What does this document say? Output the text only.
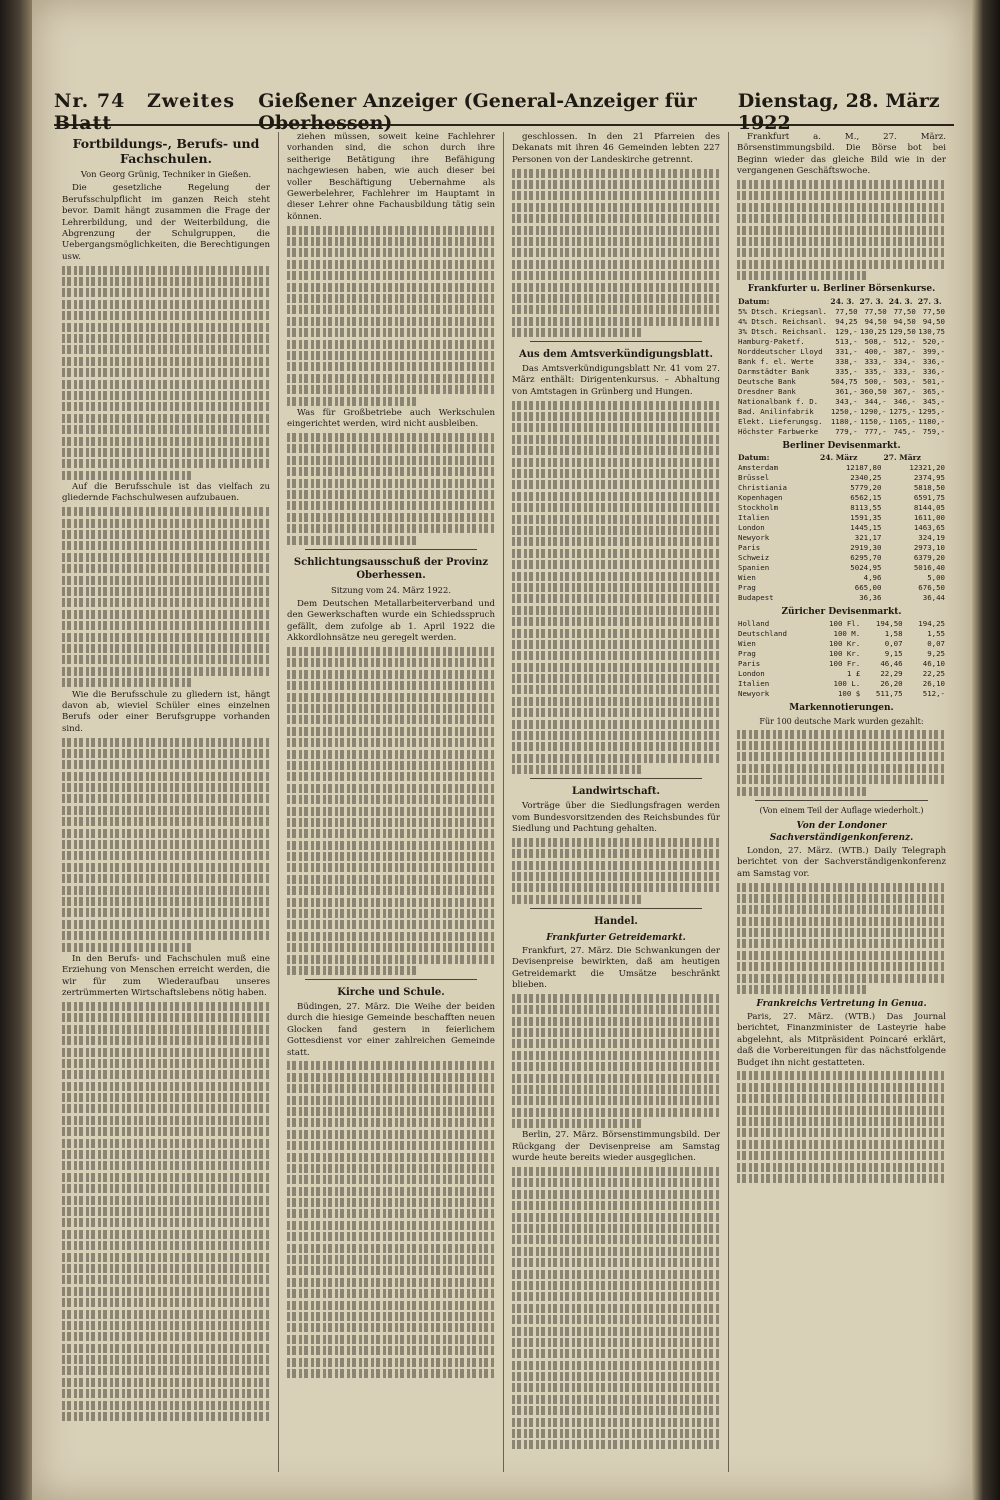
Nr. 74 Zweites Blatt
Gießener Anzeiger (General-Anzeiger für Oberhessen)
Dienstag, 28. März 1922
Fortbildungs-, Berufs- und Fachschulen.

Von Georg Grünig, Techniker in Gießen.

Die gesetzliche Regelung der Berufsschulpflicht im ganzen Reich steht bevor. Damit hängt zusammen die Frage der Lehrerbildung, und der Weiterbildung, die Abgrenzung der Schulgruppen, die Uebergangsmöglichkeiten, die Berechtigungen usw.

Auf die Berufsschule ist das vielfach zu gliedernde Fachschulwesen aufzubauen.

Wie die Berufsschule zu gliedern ist, hängt davon ab, wieviel Schüler eines einzelnen Berufs oder einer Berufsgruppe vorhanden sind.

In den Berufs- und Fachschulen muß eine Erziehung von Menschen erreicht werden, die wir für zum Wiederaufbau unseres zertrümmerten Wirtschaftslebens nötig haben.

ziehen müssen, soweit keine Fachlehrer vorhanden sind, die schon durch ihre seitherige Betätigung ihre Befähigung nachgewiesen haben, wie auch dieser bei voller Beschäftigung Uebernahme als Gewerbelehrer, Fachlehrer im Hauptamt in dieser Lehrer ohne Fachausbildung tätig sein können.

Was für Großbetriebe auch Werkschulen eingerichtet werden, wird nicht ausbleiben.

Schlichtungsausschuß der Provinz Oberhessen.

Sitzung vom 24. März 1922.

Dem Deutschen Metallarbeiterverband und den Gewerkschaften wurde ein Schiedsspruch gefällt, dem zufolge ab 1. April 1922 die Akkordlohnsätze neu geregelt werden.

Kirche und Schule.

Büdingen, 27. März. Die Weihe der beiden durch die hiesige Gemeinde beschafften neuen Glocken fand gestern in feierlichem Gottesdienst vor einer zahlreichen Gemeinde statt.

geschlossen. In den 21 Pfarreien des Dekanats mit ihren 46 Gemeinden lebten 227 Personen von der Landeskirche getrennt.

Aus dem Amtsverkündigungsblatt.

Das Amtsverkündigungsblatt Nr. 41 vom 27. März enthält: Dirigentenkursus. – Abhaltung von Amtstagen in Grünberg und Hungen.

Landwirtschaft.

Vorträge über die Siedlungsfragen werden vom Bundesvorsitzenden des Reichsbundes für Siedlung und Pachtung gehalten.

Handel.
Frankfurter Getreidemarkt.

Frankfurt, 27. März. Die Schwankungen der Devisenpreise bewirkten, daß am heutigen Getreidemarkt die Umsätze beschränkt blieben.

Berlin, 27. März. Börsenstimmungsbild. Der Rückgang der Devisenpreise am Samstag wurde heute bereits wieder ausgeglichen.

Frankfurt a. M., 27. März. Börsenstimmungsbild. Die Börse bot bei Beginn wieder das gleiche Bild wie in der vergangenen Geschäftswoche.

Frankfurter u. Berliner Börsenkurse.
Datum:	24. 3.	27. 3.	24. 3.	27. 3.
5% Dtsch. Kriegsanl.	77,50	77,50	77,50	77,50
4% Dtsch. Reichsanl.	94,25	94,50	94,50	94,50
3% Dtsch. Reichsanl.	129,-	130,25	129,50	130,75
Hamburg-Paketf.	513,-	508,-	512,-	520,-
Norddeutscher Lloyd	331,-	400,-	387,-	399,-
Bank f. el. Werte	338,-	333,-	334,-	336,-
Darmstädter Bank	335,-	335,-	333,-	336,-
Deutsche Bank	504,75	500,-	503,-	501,-
Dresdner Bank	361,-	360,50	367,-	365,-
Nationalbank f. D.	343,-	344,-	346,-	345,-
Bad. Anilinfabrik	1250,-	1290,-	1275,-	1295,-
Elekt. Lieferungsg.	1180,-	1150,-	1165,-	1180,-
Höchster Farbwerke	779,-	777,-	745,-	759,-
Berliner Devisenmarkt.
Datum:	24. März	27. März
Amsterdam	12187,80	12321,20
Brüssel	2340,25	2374,95
Christiania	5779,20	5818,50
Kopenhagen	6562,15	6591,75
Stockholm	8113,55	8144,05
Italien	1591,35	1611,00
London	1445,15	1463,65
Newyork	321,17	324,19
Paris	2919,30	2973,10
Schweiz	6295,70	6379,20
Spanien	5024,95	5016,40
Wien	4,96	5,00
Prag	665,00	676,50
Budapest	36,36	36,44
Züricher Devisenmarkt.
Holland	100 Fl.	194,50	194,25
Deutschland	100 M.	1,58	1,55
Wien	100 Kr.	0,07	0,07
Prag	100 Kr.	9,15	9,25
Paris	100 Fr.	46,46	46,10
London	1 £	22,29	22,25
Italien	100 L.	26,20	26,10
Newyork	100 $	511,75	512,-
Markennotierungen.
Für 100 deutsche Mark wurden gezahlt:

(Von einem Teil der Auflage wiederholt.)

Von der Londoner Sachverständigenkonferenz.

London, 27. März. (WTB.) Daily Telegraph berichtet von der Sachverständigenkonferenz am Samstag vor.

Frankreichs Vertretung in Genua.

Paris, 27. März. (WTB.) Das Journal berichtet, Finanzminister de Lasteyrie habe abgelehnt, als Mitpräsident Poincaré erklärt, daß die Vorbereitungen für das nächstfolgende Budget ihn nicht gestatteten.
